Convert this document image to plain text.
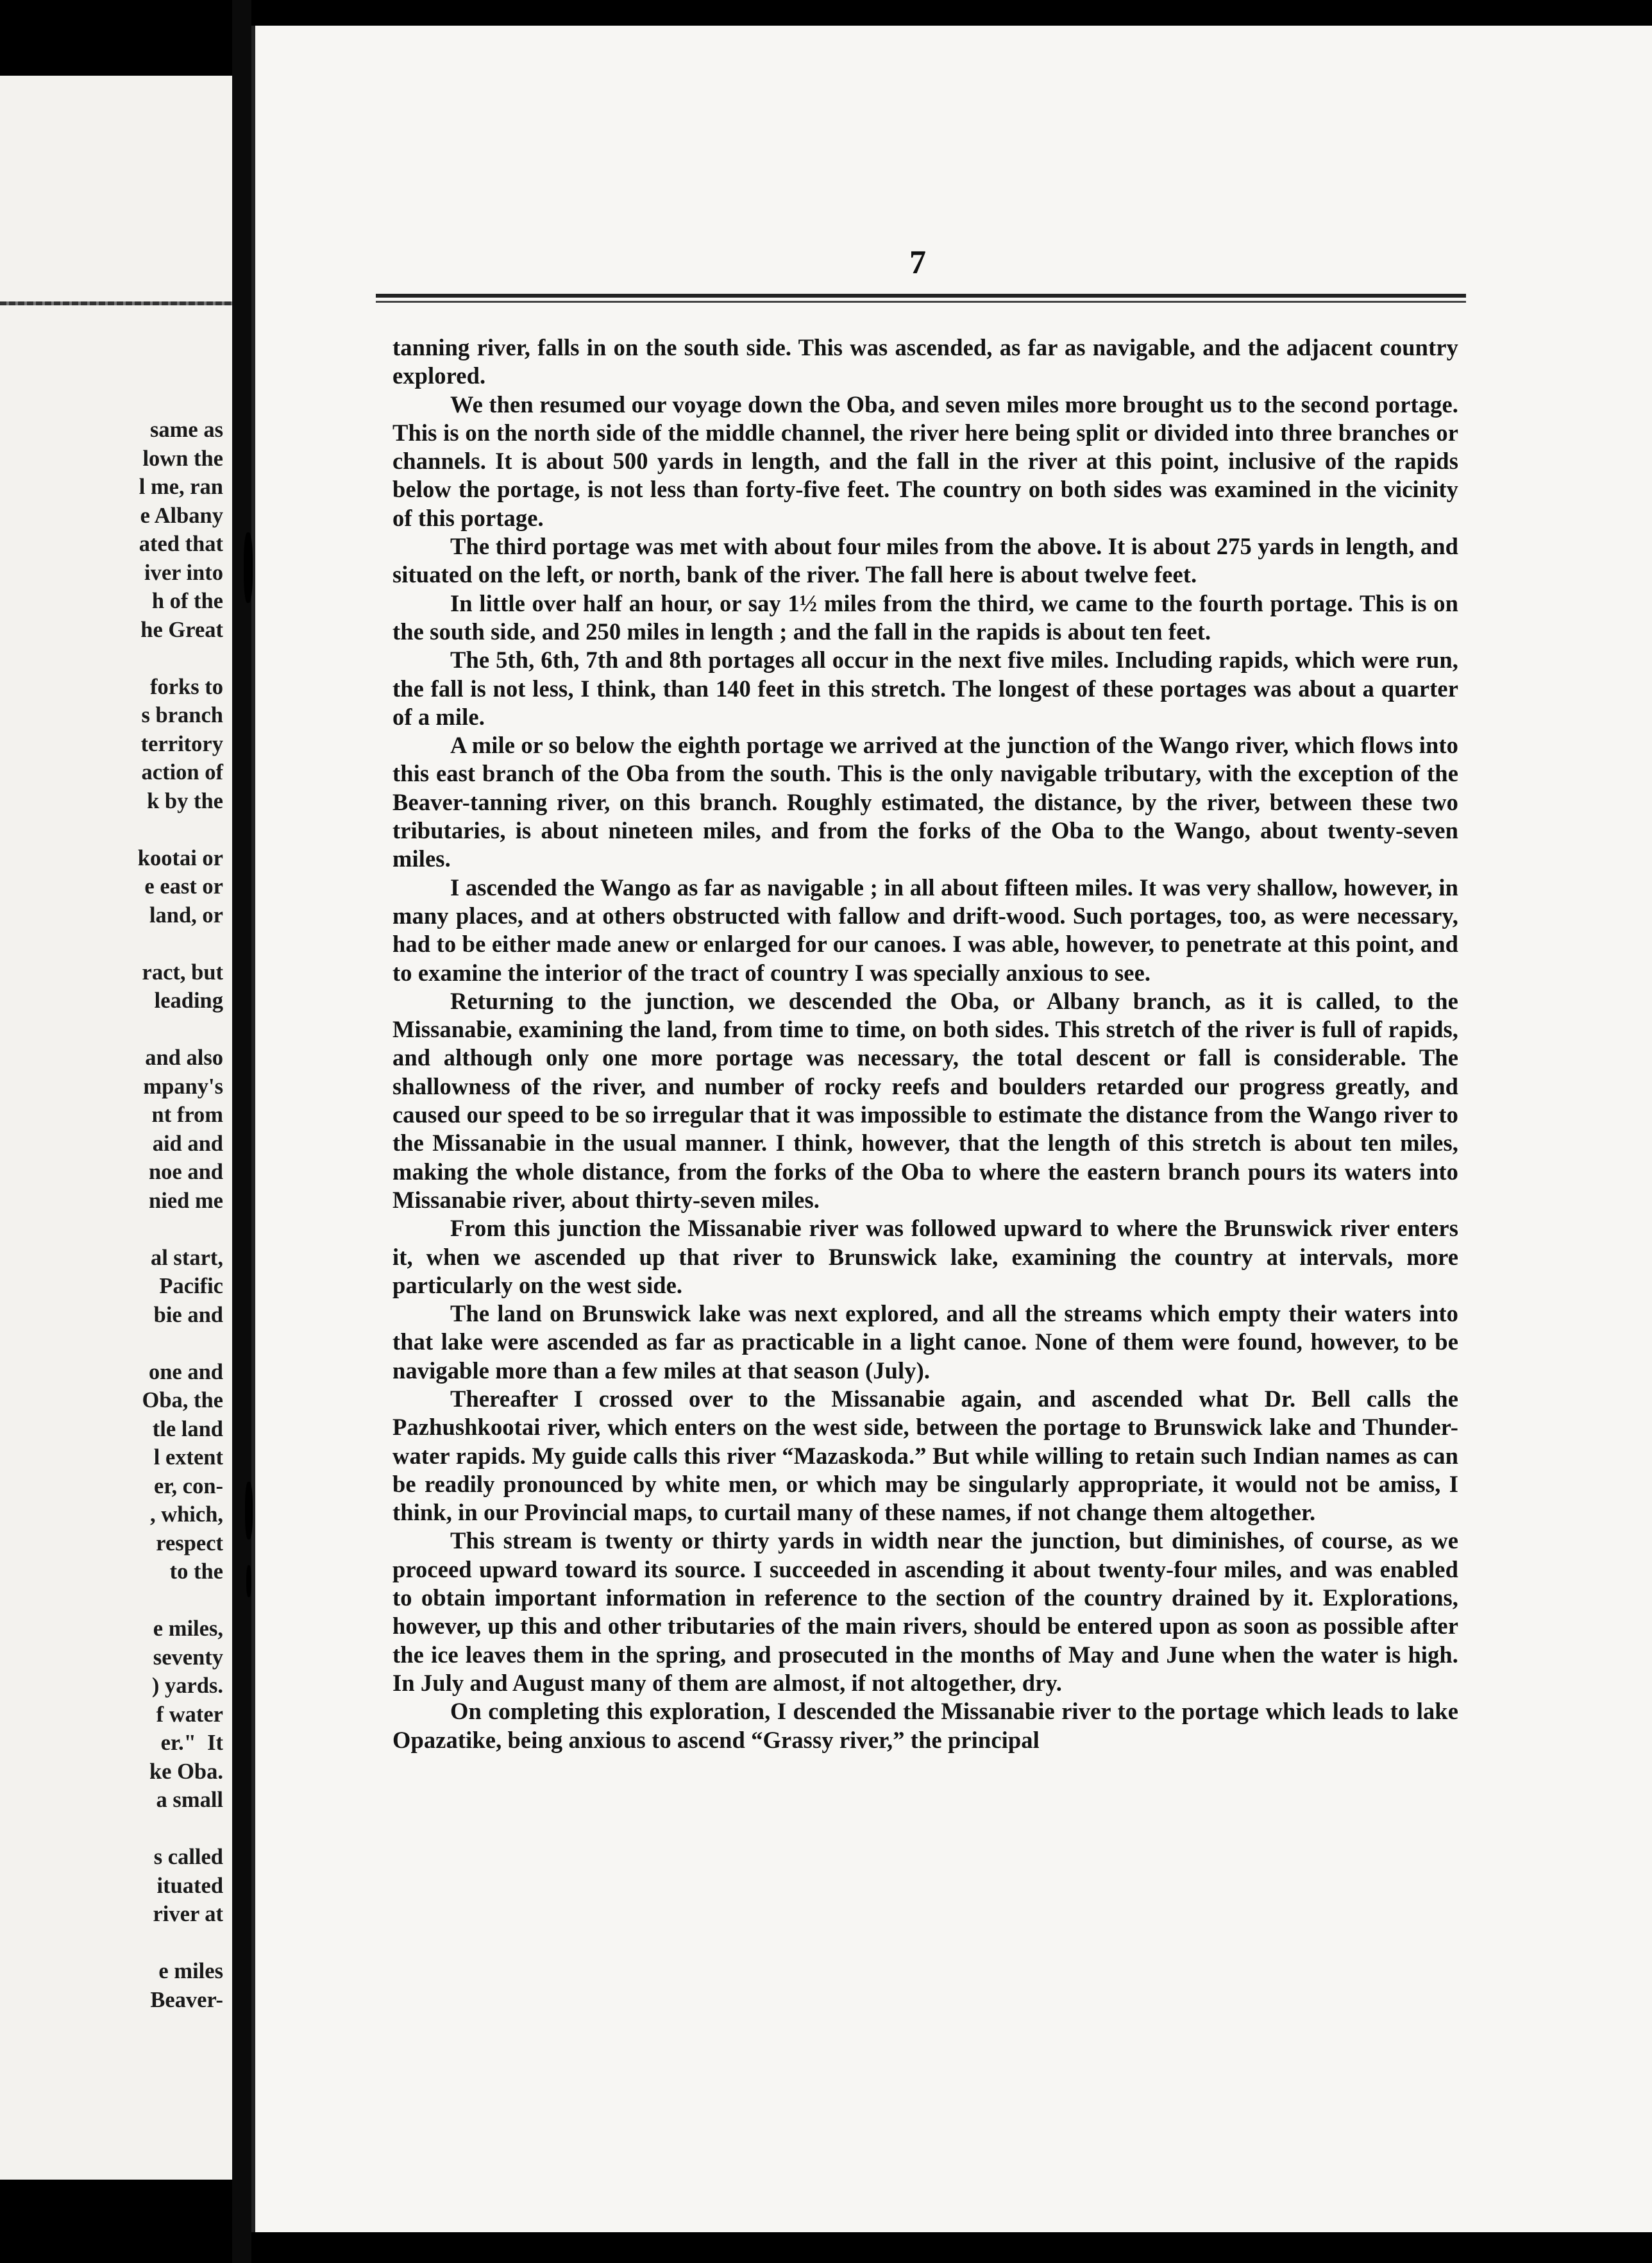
same as
lown the
l me, ran
e Albany
ated that
iver into
h of the
he Great

forks to
s branch
territory
action of
k by the

kootai or
e east or
land, or

ract, but
leading

and also
mpany's
nt from
aid and
noe and
nied me

al start,
Pacific
bie and

one and
Oba, the
tle land
l extent
er, con-
, which,
respect
to the

e miles,
seventy
) yards.
f water
er."  It
ke Oba.
a small

s called
ituated
river at

e miles
Beaver-
7

tanning river, falls in on the south side. This was ascended, as far as navigable, and the adjacent country explored.

We then resumed our voyage down the Oba, and seven miles more brought us to the second portage. This is on the north side of the middle channel, the river here being split or divided into three branches or channels. It is about 500 yards in length, and the fall in the river at this point, inclusive of the rapids below the portage, is not less than forty-five feet. The country on both sides was examined in the vicinity of this portage.

The third portage was met with about four miles from the above. It is about 275 yards in length, and situated on the left, or north, bank of the river. The fall here is about twelve feet.

In little over half an hour, or say 1½ miles from the third, we came to the fourth portage. This is on the south side, and 250 miles in length ; and the fall in the rapids is about ten feet.

The 5th, 6th, 7th and 8th portages all occur in the next five miles. Including rapids, which were run, the fall is not less, I think, than 140 feet in this stretch. The longest of these portages was about a quarter of a mile.

A mile or so below the eighth portage we arrived at the junction of the Wango river, which flows into this east branch of the Oba from the south. This is the only navigable tributary, with the exception of the Beaver-tanning river, on this branch. Roughly estimated, the distance, by the river, between these two tributaries, is about nineteen miles, and from the forks of the Oba to the Wango, about twenty-seven miles.

I ascended the Wango as far as navigable ; in all about fifteen miles. It was very shallow, however, in many places, and at others obstructed with fallow and drift-wood. Such portages, too, as were necessary, had to be either made anew or enlarged for our canoes. I was able, however, to penetrate at this point, and to examine the interior of the tract of country I was specially anxious to see.

Returning to the junction, we descended the Oba, or Albany branch, as it is called, to the Missanabie, examining the land, from time to time, on both sides. This stretch of the river is full of rapids, and although only one more portage was necessary, the total descent or fall is considerable. The shallowness of the river, and number of rocky reefs and boulders retarded our progress greatly, and caused our speed to be so irregular that it was impossible to estimate the distance from the Wango river to the Missanabie in the usual manner. I think, however, that the length of this stretch is about ten miles, making the whole distance, from the forks of the Oba to where the eastern branch pours its waters into Missanabie river, about thirty-seven miles.

From this junction the Missanabie river was followed upward to where the Brunswick river enters it, when we ascended up that river to Brunswick lake, examining the country at intervals, more particularly on the west side.

The land on Brunswick lake was next explored, and all the streams which empty their waters into that lake were ascended as far as practicable in a light canoe. None of them were found, however, to be navigable more than a few miles at that season (July).

Thereafter I crossed over to the Missanabie again, and ascended what Dr. Bell calls the Pazhushkootai river, which enters on the west side, between the portage to Brunswick lake and Thunder-water rapids. My guide calls this river “Mazaskoda.” But while willing to retain such Indian names as can be readily pronounced by white men, or which may be singularly appropriate, it would not be amiss, I think, in our Provincial maps, to curtail many of these names, if not change them altogether.

This stream is twenty or thirty yards in width near the junction, but diminishes, of course, as we proceed upward toward its source. I succeeded in ascending it about twenty-four miles, and was enabled to obtain important information in reference to the section of the country drained by it. Explorations, however, up this and other tributaries of the main rivers, should be entered upon as soon as possible after the ice leaves them in the spring, and prosecuted in the months of May and June when the water is high. In July and August many of them are almost, if not altogether, dry.

On completing this exploration, I descended the Missanabie river to the portage which leads to lake Opazatike, being anxious to ascend “Grassy river,” the principal
